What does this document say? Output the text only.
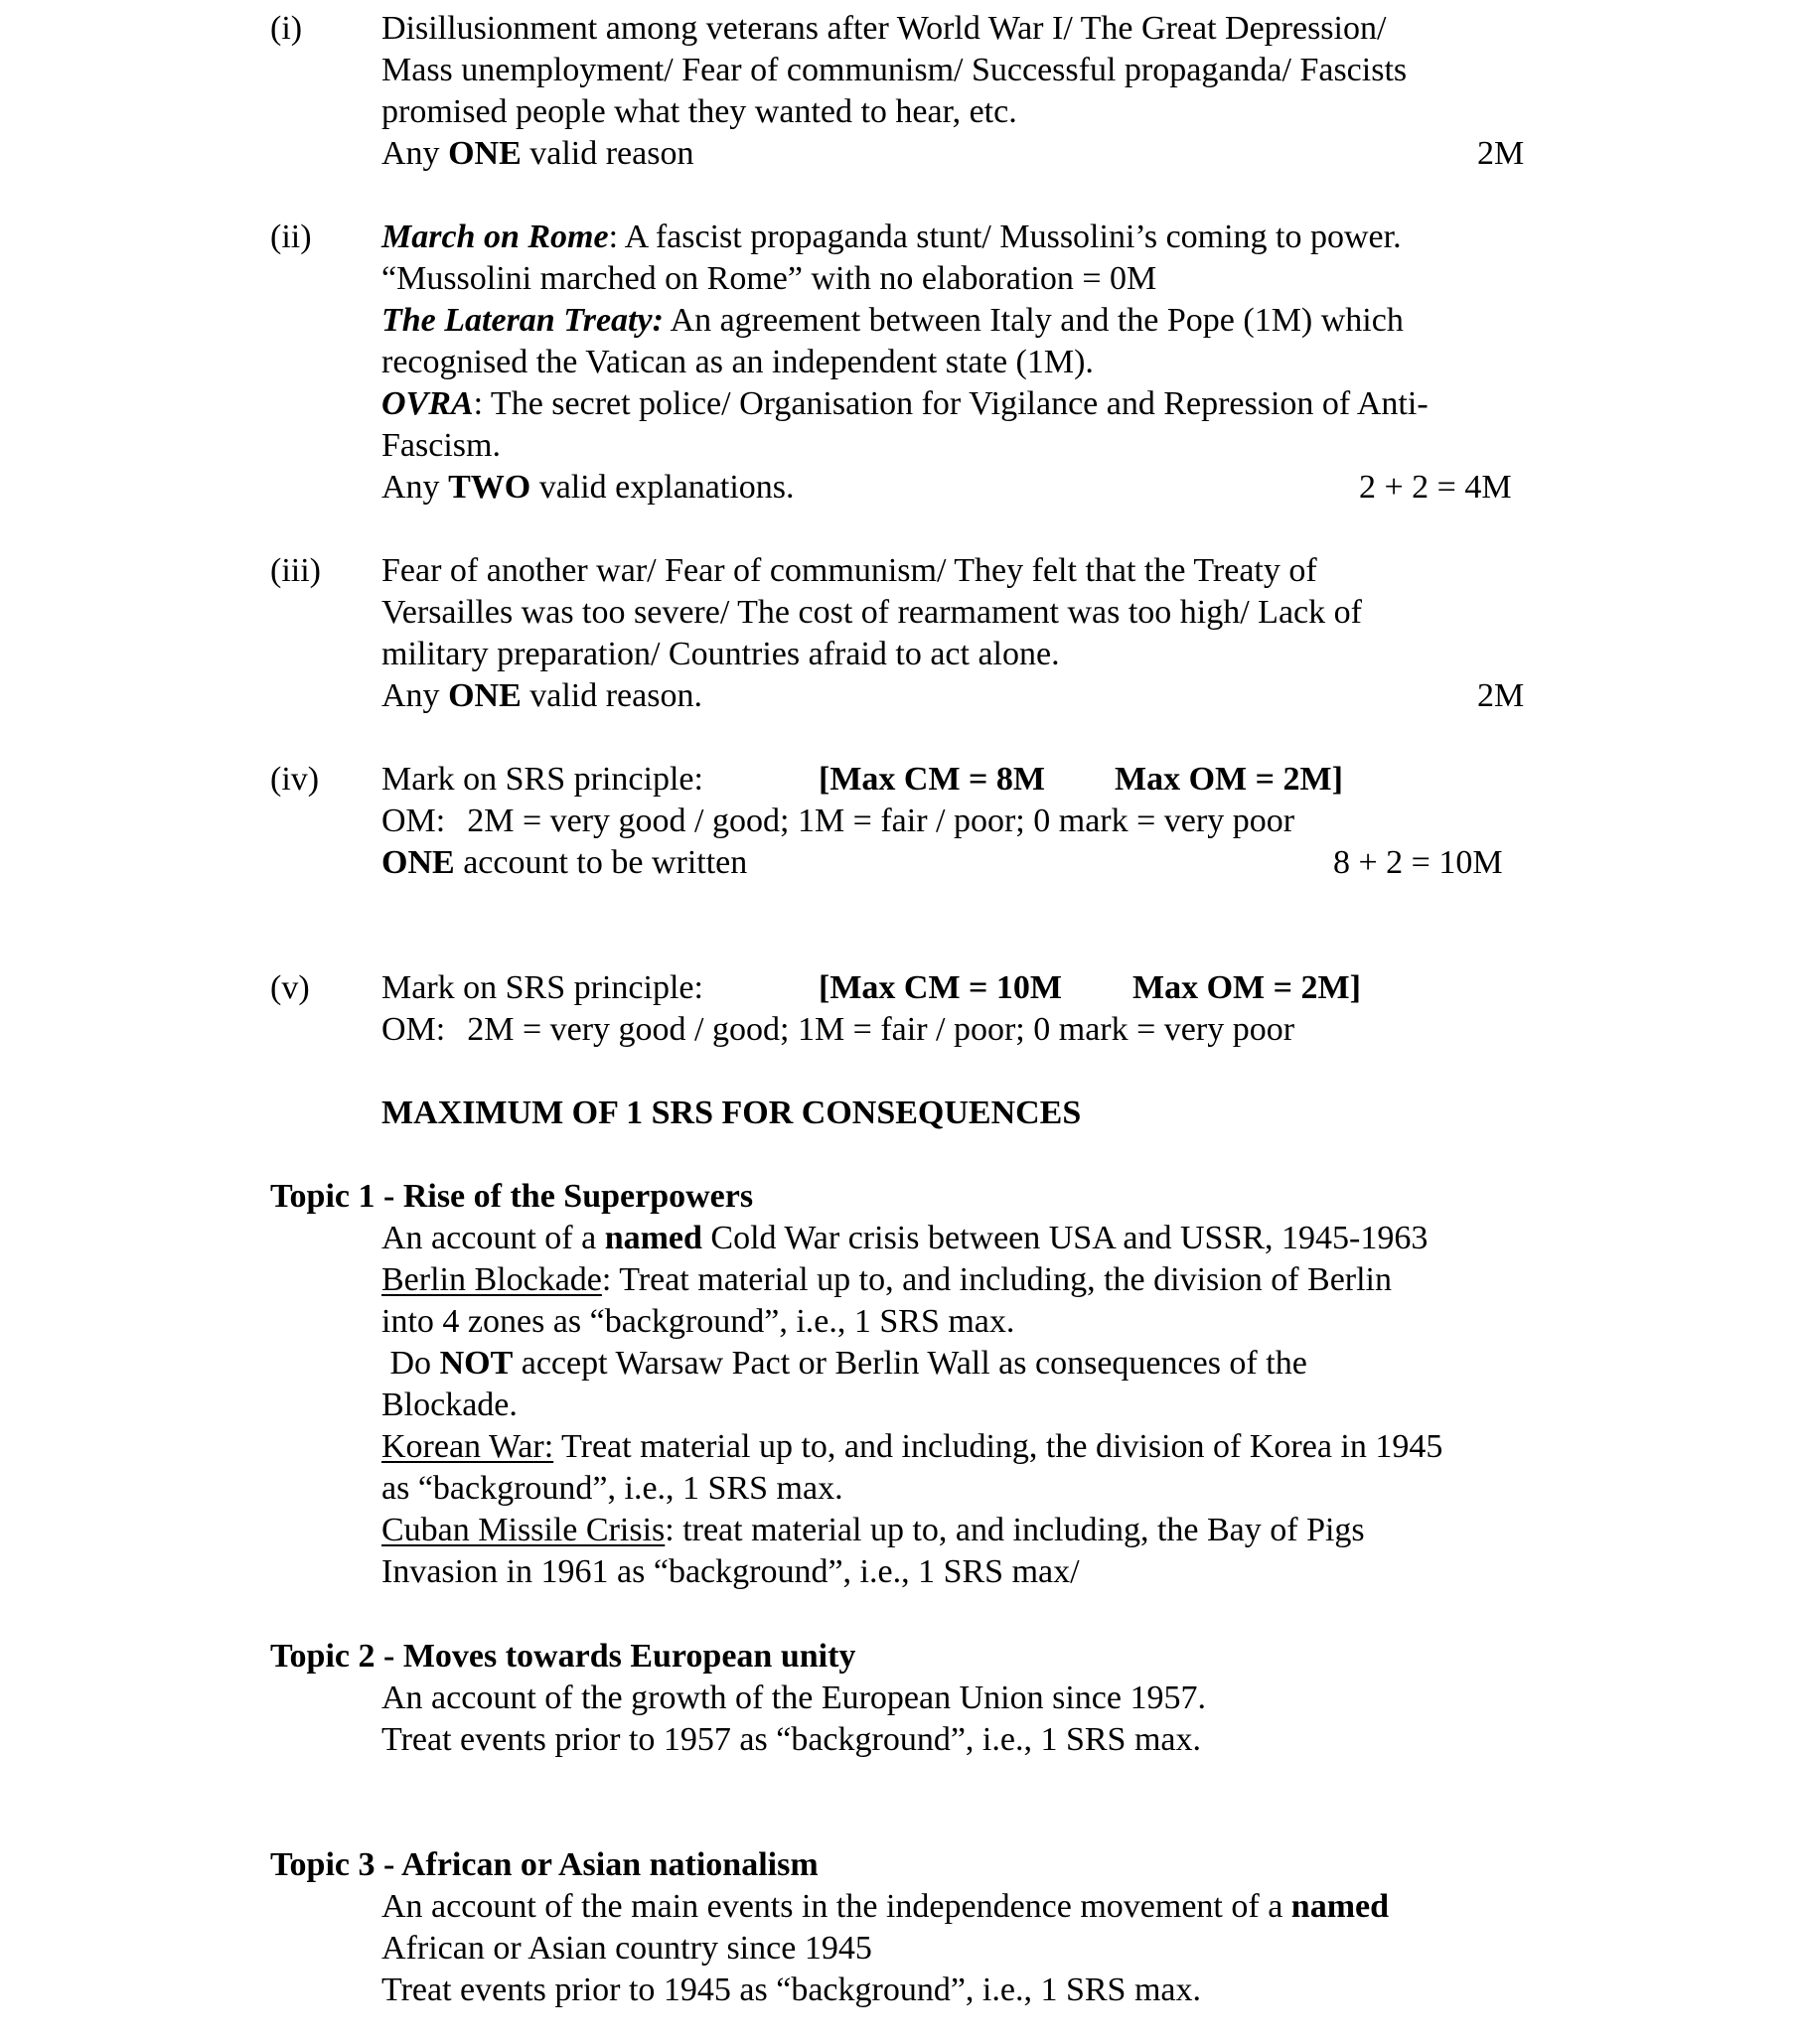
(i) Disillusionment among veterans after World War I/ The Great Depression/
Mass unemployment/ Fear of communism/ Successful propaganda/ Fascists
promised people what they wanted to hear, etc.
Any ONE valid reason	2M
(ii) March on Rome: A fascist propaganda stunt/ Mussolini’s coming to power.
“Mussolini marched on Rome” with no elaboration = 0M
The Lateran Treaty: An agreement between Italy and the Pope (1M) which
recognised the Vatican as an independent state (1M).
OVRA: The secret police/ Organisation for Vigilance and Repression of Anti-
Fascism.
Any TWO valid explanations.	2 + 2 = 4M
(iii) Fear of another war/ Fear of communism/ They felt that the Treaty of
Versailles was too severe/ The cost of rearmament was too high/ Lack of
military preparation/ Countries afraid to act alone.
Any ONE valid reason.	2M
(iv) Mark on SRS principle:	[Max CM = 8M Max OM = 2M]
OM: 2M = very good / good; 1M = fair / poor; 0 mark = very poor
ONE account to be written	8 + 2 = 10M
(v) Mark on SRS principle:	[Max CM = 10M Max OM = 2M]
OM: 2M = very good / good; 1M = fair / poor; 0 mark = very poor
MAXIMUM OF 1 SRS FOR CONSEQUENCES
Topic 1 - Rise of the Superpowers
An account of a named Cold War crisis between USA and USSR, 1945-1963
Berlin Blockade: Treat material up to, and including, the division of Berlin
into 4 zones as “background”, i.e., 1 SRS max.
Do NOT accept Warsaw Pact or Berlin Wall as consequences of the
Blockade.
Korean War: Treat material up to, and including, the division of Korea in 1945
as “background”, i.e., 1 SRS max.
Cuban Missile Crisis: treat material up to, and including, the Bay of Pigs
Invasion in 1961 as “background”, i.e., 1 SRS max/
Topic 2 - Moves towards European unity
An account of the growth of the European Union since 1957.
Treat events prior to 1957 as “background”, i.e., 1 SRS max.
Topic 3 - African or Asian nationalism
An account of the main events in the independence movement of a named
African or Asian country since 1945
Treat events prior to 1945 as “background”, i.e., 1 SRS max.
